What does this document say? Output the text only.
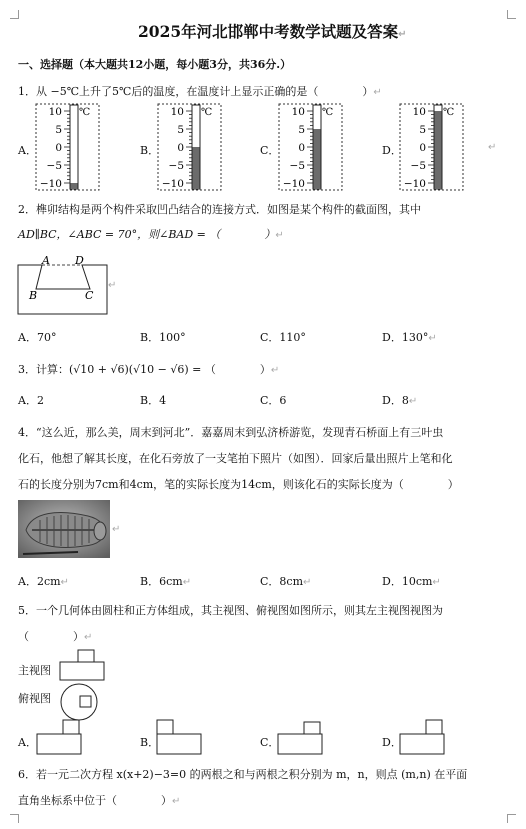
2025年河北邯郸中考数学试题及答案↵
一、选择题（本大题共12小题，每小题3分，共36分.）
1．从 −5℃上升了5℃后的温度，在温度计上显示正确的是（　　　　）↵
A．	B．	C．	D．
10
5
0
−5
−10
℃	10
5
0
−5
−10
℃	10
5
0
−5
−10
℃	10
5
0
−5
−10
℃
↵
2．榫卯结构是两个构件采取凹凸结合的连接方式．如图是某个构件的截面图，其中
AD∥BC，∠ABC = 70°，则∠BAD = （　　　　）↵
A D
B	C
↵
A．70°	B．100°	C．110°	D．130°↵
3．计算：(√10 + √6)(√10 − √6) = （　　　　）↵
A．2	B．4	C．6	D．8↵
4．“这么近，那么美，周末到河北”．嘉嘉周末到弘济桥游览，发现青石桥面上有三叶虫
化石，他想了解其长度，在化石旁放了一支笔拍下照片（如图）．回家后量出照片上笔和化
石的长度分别为7cm和4cm，笔的实际长度为14cm，则该化石的实际长度为（　　　　）
↵
A．2cm↵	B．6cm↵	C．8cm↵	D．10cm↵
5．一个几何体由圆柱和正方体组成，其主视图、俯视图如图所示，则其左主视图视图为
（　　　　）↵
主视图
俯视图
A．	B．	C．	D．
6．若一元二次方程 x(x+2)−3=0 的两根之和与两根之积分别为 m，n，则点 (m,n) 在平面
直角坐标系中位于（　　　　）↵
